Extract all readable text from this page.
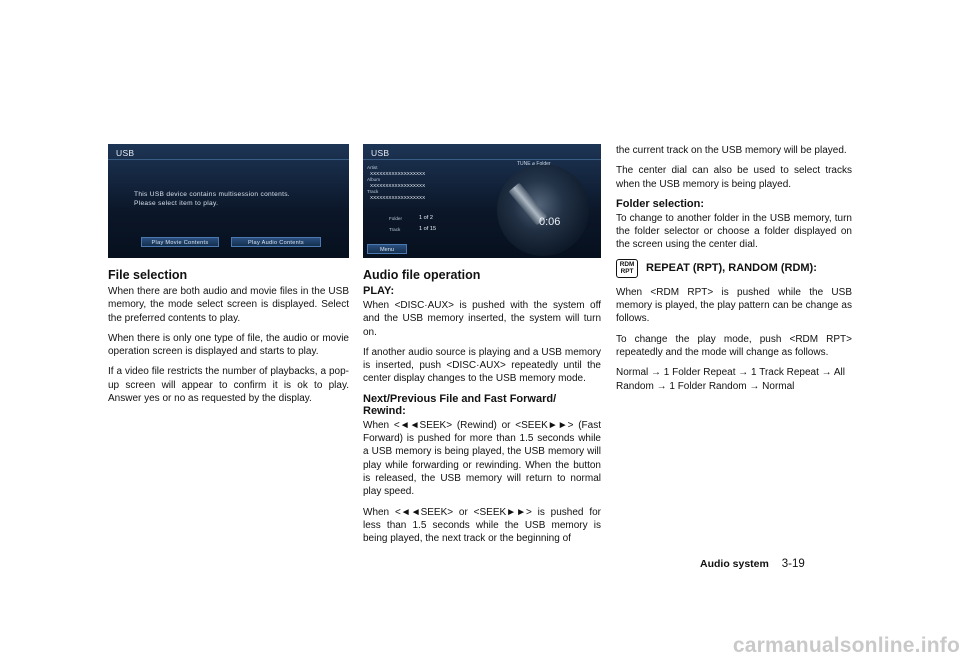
USB
This USB device contains multisession contents.
Please select item to play.
Play Movie Contents	Play Audio Contents
File selection

When there are both audio and movie files in the USB memory, the mode select screen is displayed. Select the preferred contents to play.

When there is only one type of file, the audio or movie operation screen is displayed and starts to play.

If a video file restricts the number of playbacks, a pop-up screen will appear to confirm it is ok to play. Answer yes or no as requested by the display.

USB
TUNE ⌀ Folder
Artist
XXXXXXXXXXXXXXXXXX
Album
XXXXXXXXXXXXXXXXXX
Track
XXXXXXXXXXXXXXXXXX
Folder	1 of 2
Track	1 of 15
0:06
Menu
Audio file operation
PLAY:

When <DISC·AUX> is pushed with the system off and the USB memory inserted, the system will turn on.

If another audio source is playing and a USB memory is inserted, push <DISC·AUX> repeatedly until the center display changes to the USB memory mode.

Next/Previous File and Fast Forward/ Rewind:

When <◄◄SEEK> (Rewind) or <SEEK►►> (Fast Forward) is pushed for more than 1.5 seconds while a USB memory is being played, the USB memory will play while forwarding or rewinding. When the button is released, the USB memory will return to normal play speed.

When <◄◄SEEK> or <SEEK►►> is pushed for less than 1.5 seconds while the USB memory is being played, the next track or the beginning of

the current track on the USB memory will be played.

The center dial can also be used to select tracks when the USB memory is being played.

Folder selection:

To change to another folder in the USB memory, turn the folder selector or choose a folder displayed on the screen using the center dial.

RDM
RPT	REPEAT (RPT), RANDOM (RDM):

When <RDM RPT> is pushed while the USB memory is played, the play pattern can be change as follows.

To change the play mode, push <RDM RPT> repeatedly and the mode will change as follows.

Normal → 1 Folder Repeat → 1 Track Repeat → All Random → 1 Folder Random → Normal

Audio system 3-19
carmanualsonline.info
